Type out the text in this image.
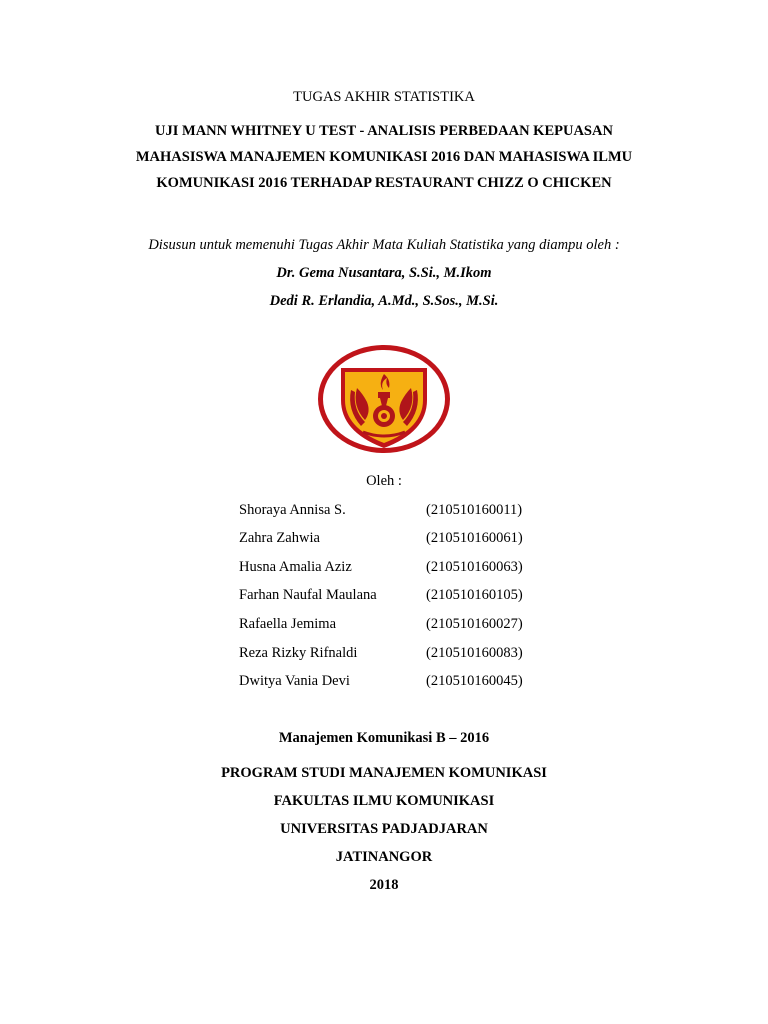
TUGAS AKHIR STATISTIKA
UJI MANN WHITNEY U TEST - ANALISIS PERBEDAAN KEPUASAN
MAHASISWA MANAJEMEN KOMUNIKASI 2016 DAN MAHASISWA ILMU
KOMUNIKASI 2016 TERHADAP RESTAURANT CHIZZ O CHICKEN
Disusun untuk memenuhi Tugas Akhir Mata Kuliah Statistika yang diampu oleh :
Dr. Gema Nusantara, S.Si., M.Ikom
Dedi R. Erlandia, A.Md., S.Sos., M.Si.
Oleh :
Shoraya Annisa S.	(210510160011)
Zahra Zahwia	(210510160061)
Husna Amalia Aziz	(210510160063)
Farhan Naufal Maulana	(210510160105)
Rafaella Jemima	(210510160027)
Reza Rizky Rifnaldi	(210510160083)
Dwitya Vania Devi	(210510160045)
Manajemen Komunikasi B – 2016
PROGRAM STUDI MANAJEMEN KOMUNIKASI
FAKULTAS ILMU KOMUNIKASI
UNIVERSITAS PADJADJARAN
JATINANGOR
2018
